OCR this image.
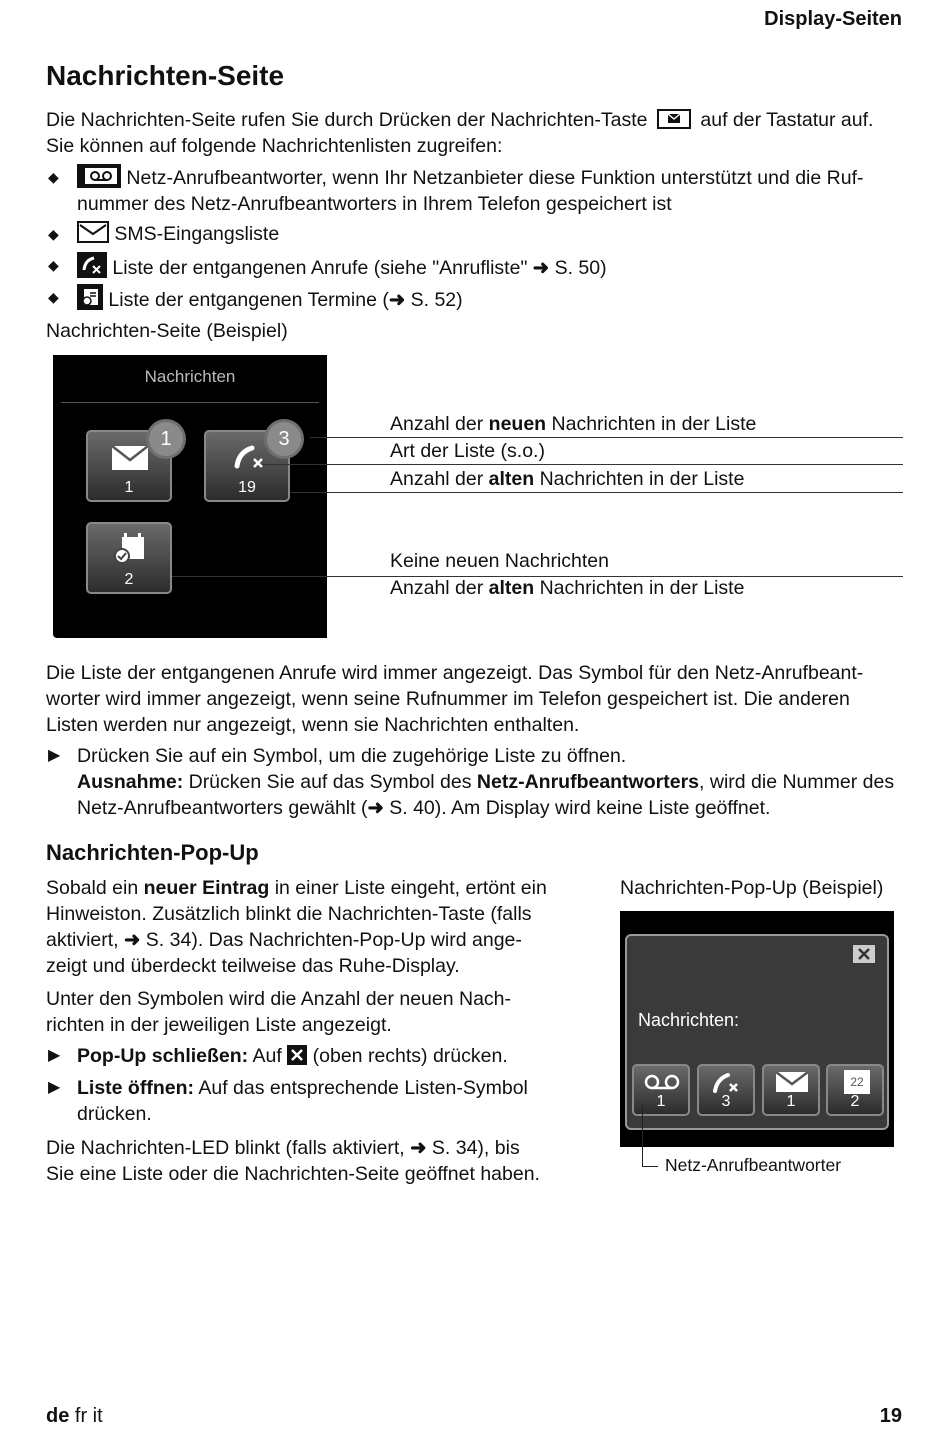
Display-Seiten
Nachrichten-Seite
Die Nachrichten-Seite rufen Sie durch Drücken der Nachrichten-Taste	auf der Tastatur auf.
Sie können auf folgende Nachrichtenlisten zugreifen:
◆	Netz-Anrufbeantworter, wenn Ihr Netzanbieter diese Funktion unterstützt und die Ruf-
nummer des Netz-Anrufbeantworters in Ihrem Telefon gespeichert ist
◆	SMS-Eingangsliste
◆	Liste der entgangenen Anrufe (siehe "Anrufliste" ➜ S. 50)
◆	Liste der entgangenen Termine (➜ S. 52)
Nachrichten-Seite (Beispiel)
Nachrichten
1
1
19
3
2
Anzahl der neuen Nachrichten in der Liste
Art der Liste (s.o.)
Anzahl der alten Nachrichten in der Liste
Keine neuen Nachrichten
Anzahl der alten Nachrichten in der Liste
Die Liste der entgangenen Anrufe wird immer angezeigt. Das Symbol für den Netz-Anrufbeant-
worter wird immer angezeigt, wenn seine Rufnummer im Telefon gespeichert ist. Die anderen
Listen werden nur angezeigt, wenn sie Nachrichten enthalten.
▶ Drücken Sie auf ein Symbol, um die zugehörige Liste zu öffnen.
Ausnahme: Drücken Sie auf das Symbol des Netz-Anrufbeantworters, wird die Nummer des
Netz-Anrufbeantworters gewählt (➜ S. 40). Am Display wird keine Liste geöffnet.
Nachrichten-Pop-Up
Sobald ein neuer Eintrag in einer Liste eingeht, ertönt ein
Hinweiston. Zusätzlich blinkt die Nachrichten-Taste (falls
aktiviert, ➜ S. 34). Das Nachrichten-Pop-Up wird ange-
zeigt und überdeckt teilweise das Ruhe-Display.
Unter den Symbolen wird die Anzahl der neuen Nach-
richten in der jeweiligen Liste angezeigt.
▶ Pop-Up schließen: Auf (oben rechts) drücken.
▶ Liste öffnen: Auf das entsprechende Listen-Symbol
drücken.
Die Nachrichten-LED blinkt (falls aktiviert, ➜ S. 34), bis
Sie eine Liste oder die Nachrichten-Seite geöffnet haben.
Nachrichten-Pop-Up (Beispiel)
Nachrichten:
1	3	1
22
2
Netz-Anrufbeantworter
de fr it	19
